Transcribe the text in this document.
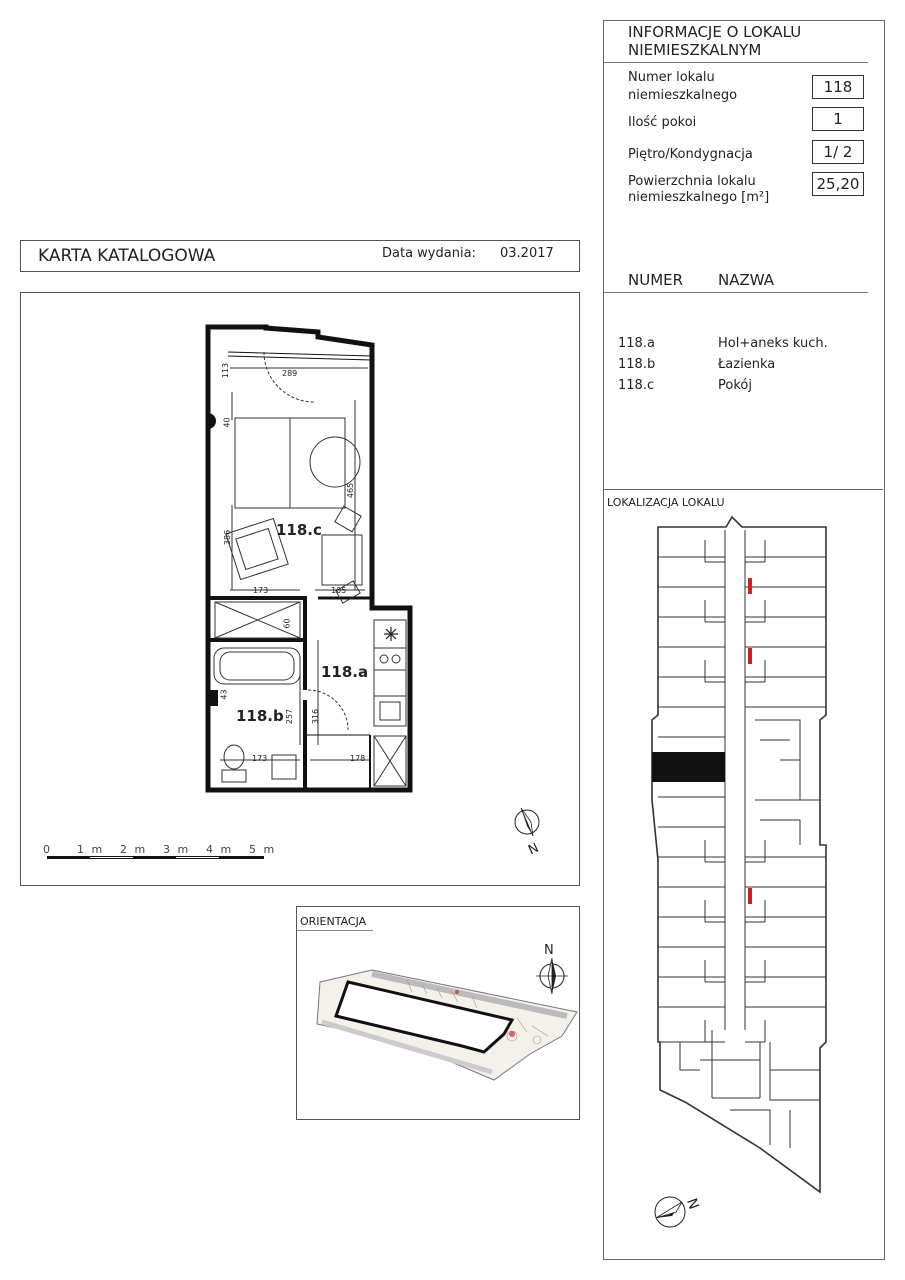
INFORMACJE O LOKALU
NIEMIESZKALNYM
Numer lokalu
niemieszkalnego	118
Ilość pokoi	1
Piętro/Kondygnacja	1/ 2
Powierzchnia lokalu
niemieszkalnego [m²]
25,20
NUMER NAZWA
118.a	Hol+aneks kuch.
118.b	Łazienka
118.c	Pokój
LOKALIZACJA LOKALU
N
KARTA KATALOGOWA	Data wydania: 03.2017
118.c
118.a
118.b
289
113
40
465
386
173	105
60
316
257
43
173	178
0 1 m 2 m 3 m 4 m 5 m	N
ORIENTACJA
N
